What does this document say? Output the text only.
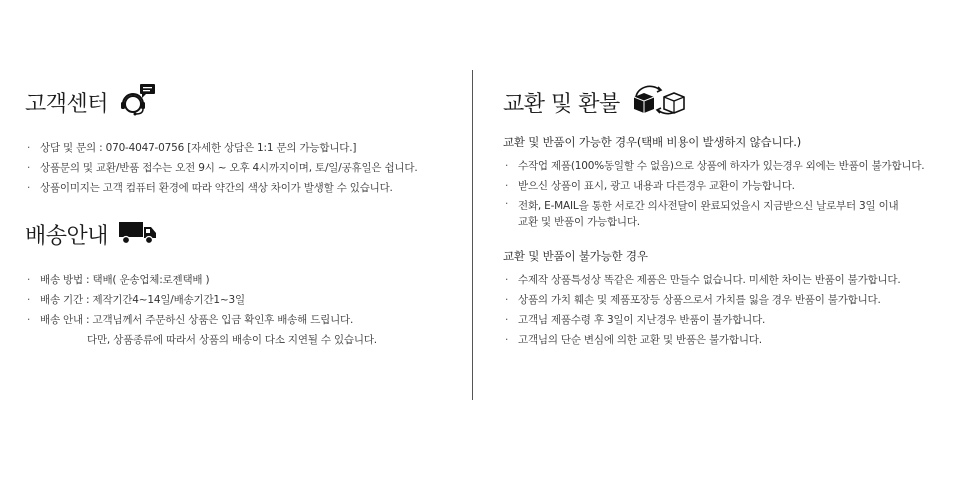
고객센터
· 상담 및 문의 : 070-4047-0756 [자세한 상담은 1:1 문의 가능합니다.]
· 상품문의 및 교환/반품 접수는 오전 9시 ~ 오후 4시까지이며, 토/일/공휴일은 쉽니다.
· 상품이미지는 고객 컴퓨터 환경에 따라 약간의 색상 차이가 발생할 수 있습니다.
배송안내
· 배송 방법 : 택배( 운송업체:로젠택배 )
· 배송 기간 : 제작기간4~14일/배송기간1~3일
· 배송 안내 : 고객님께서 주문하신 상품은 입금 확인후 배송해 드립니다.
다만, 상품종류에 따라서 상품의 배송이 다소 지연될 수 있습니다.
교환 및 환불
교환 및 반품이 가능한 경우(택배 비용이 발생하지 않습니다.)
· 수작업 제품(100%동일할 수 없음)으로 상품에 하자가 있는경우 외에는 반품이 불가합니다.
· 받으신 상품이 표시, 광고 내용과 다른경우 교환이 가능합니다.
· 전화, E-MAIL을 통한 서로간 의사전달이 완료되었을시 지금받으신 날로부터 3일 이내
교환 및 반품이 가능합니다.
교환 및 반품이 불가능한 경우
· 수제작 상품특성상 똑같은 제품은 만들수 없습니다. 미세한 차이는 반품이 불가합니다.
· 상품의 가치 훼손 및 제품포장등 상품으로서 가치를 잃을 경우 반품이 불가합니다.
· 고객님 제품수령 후 3일이 지난경우 반품이 불가합니다.
· 고객님의 단순 변심에 의한 교환 및 반품은 불가합니다.
